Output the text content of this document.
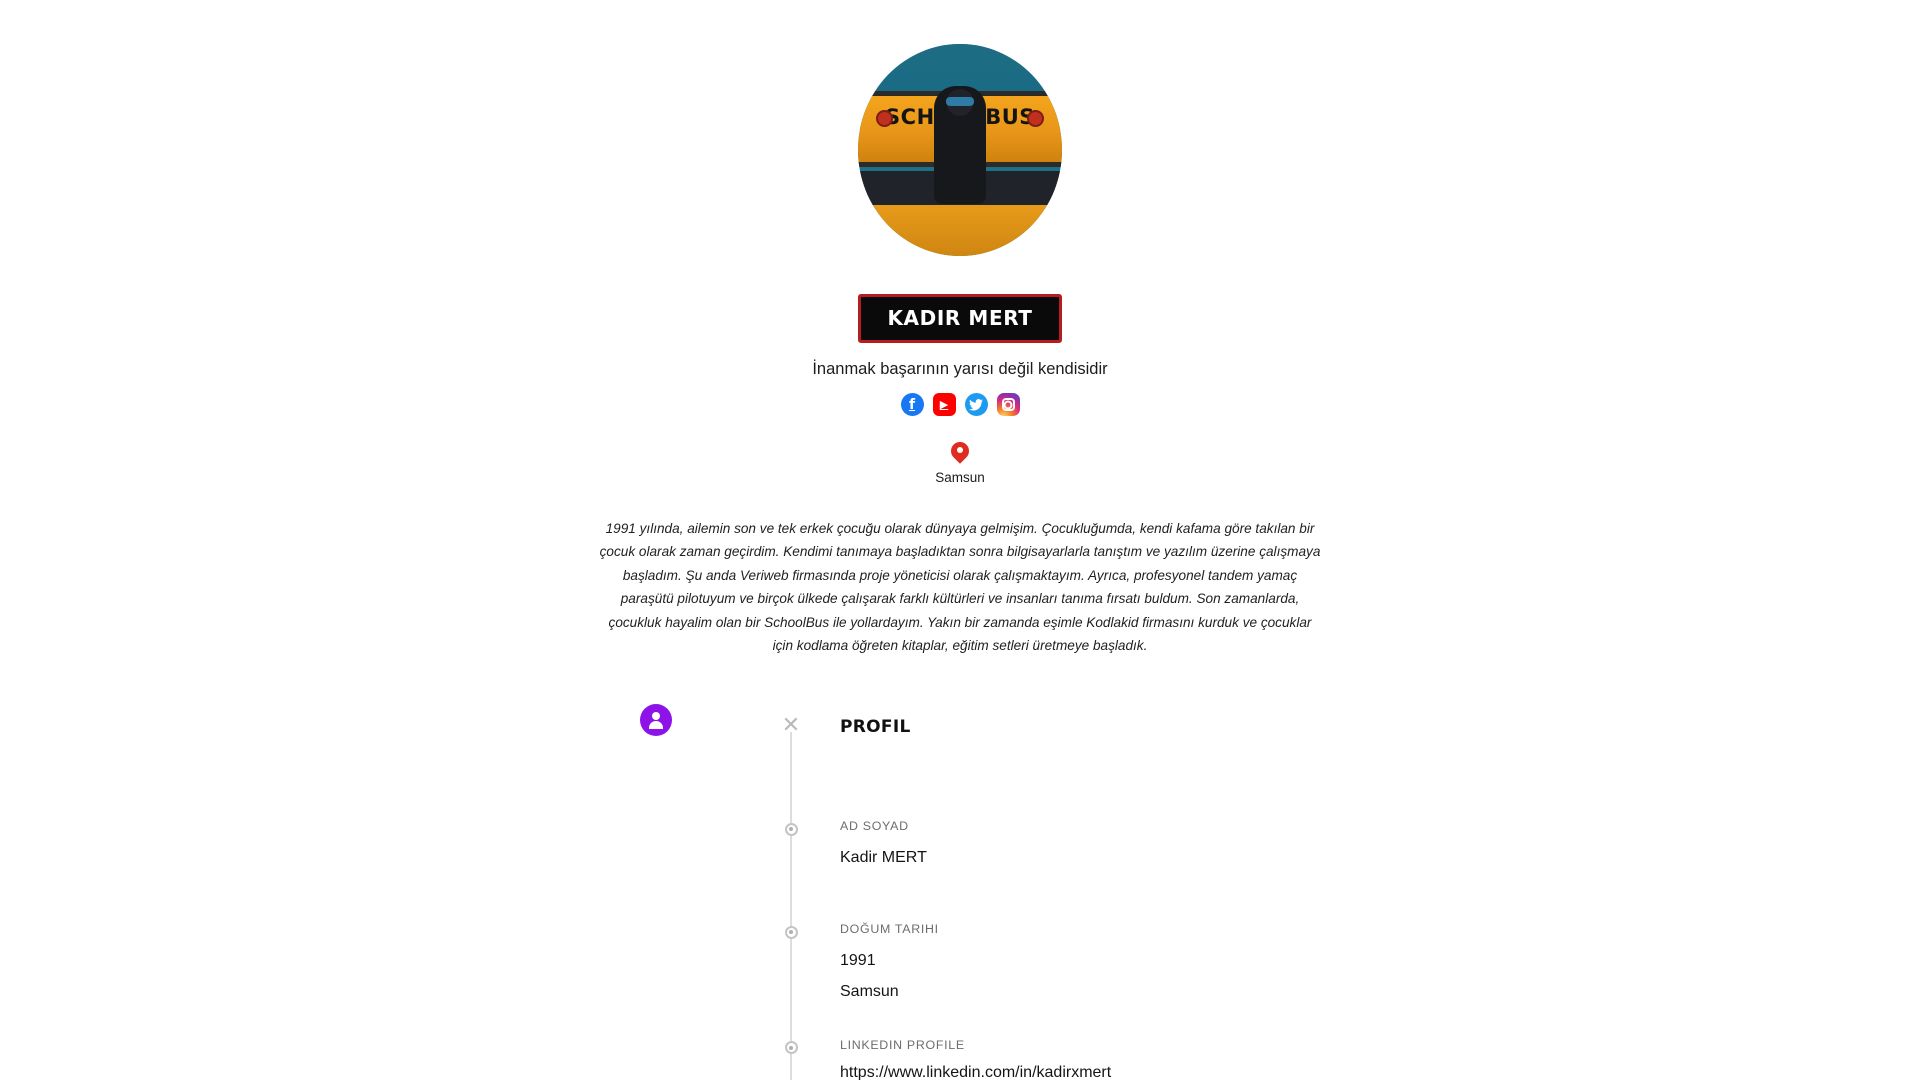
KADIR MERT
İnanmak başarının yarısı değil kendisidir
f	▶
Samsun
1991 yılında, ailemin son ve tek erkek çocuğu olarak dünyaya gelmişim. Çocukluğumda, kendi kafama göre takılan bir çocuk olarak zaman geçirdim. Kendimi tanımaya başladıktan sonra bilgisayarlarla tanıştım ve yazılım üzerine çalışmaya başladım. Şu anda Veriweb firmasında proje yöneticisi olarak çalışmaktayım. Ayrıca, profesyonel tandem yamaç paraşütü pilotuyum ve birçok ülkede çalışarak farklı kültürleri ve insanları tanıma fırsatı buldum. Son zamanlarda, çocukluk hayalim olan bir SchoolBus ile yollardayım. Yakın bir zamanda eşimle Kodlakid firmasını kurduk ve çocuklar için kodlama öğreten kitaplar, eğitim setleri üretmeye başladık.
✕ PROFIL
AD SOYAD
Kadir MERT
DOĞUM TARIHI
1991
Samsun
LINKEDIN PROFILE
https://www.linkedin.com/in/kadirxmert
